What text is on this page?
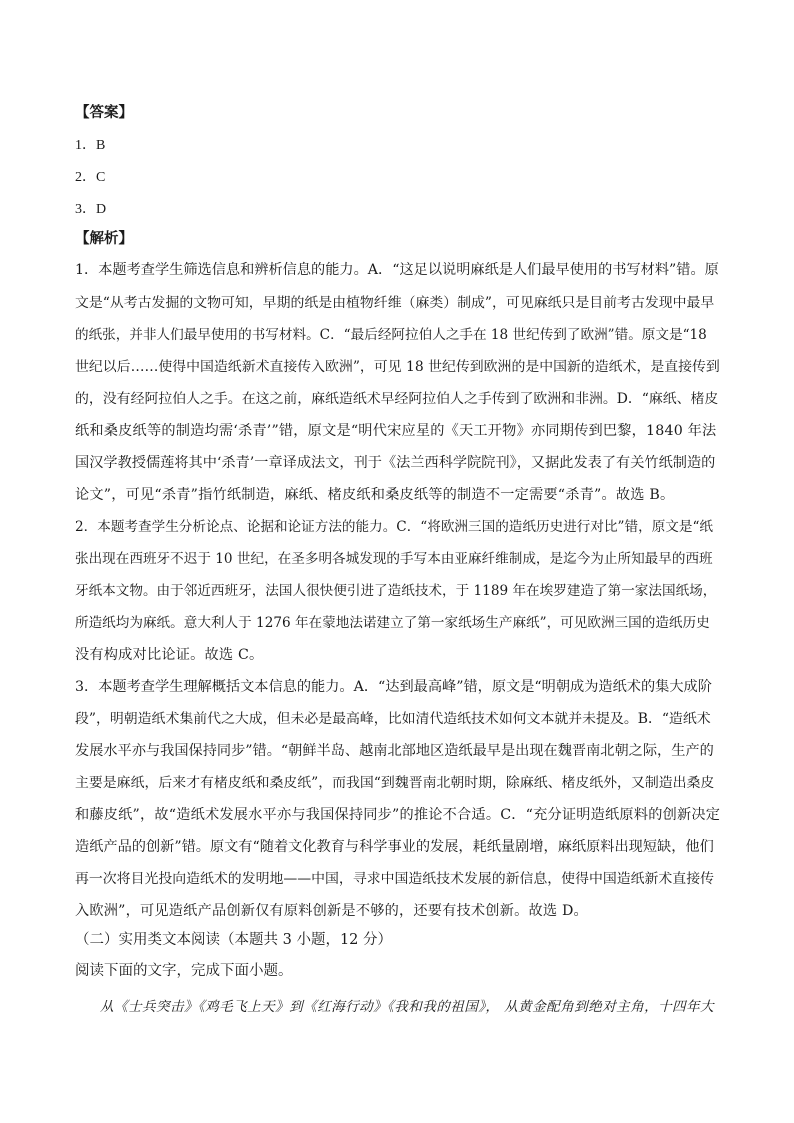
【答案】
1．B
2．C
3．D
【解析】
1．本题考查学生筛选信息和辨析信息的能力。A．“这足以说明麻纸是人们最早使用的书写材料”错。原
文是“从考古发掘的文物可知，早期的纸是由植物纤维（麻类）制成”，可见麻纸只是目前考古发现中最早
的纸张，并非人们最早使用的书写材料。C．“最后经阿拉伯人之手在 18 世纪传到了欧洲”错。原文是“18
世纪以后……使得中国造纸新术直接传入欧洲”，可见 18 世纪传到欧洲的是中国新的造纸术，是直接传到
的，没有经阿拉伯人之手。在这之前，麻纸造纸术早经阿拉伯人之手传到了欧洲和非洲。D．“麻纸、楮皮
纸和桑皮纸等的制造均需‘杀青’”错，原文是“明代宋应星的《天工开物》亦同期传到巴黎，1840 年法
国汉学教授儒莲将其中‘杀青’一章译成法文，刊于《法兰西科学院院刊》，又据此发表了有关竹纸制造的
论文”，可见“杀青”指竹纸制造，麻纸、楮皮纸和桑皮纸等的制造不一定需要“杀青”。故选 B。
2．本题考查学生分析论点、论据和论证方法的能力。C．“将欧洲三国的造纸历史进行对比”错，原文是“纸
张出现在西班牙不迟于 10 世纪，在圣多明各城发现的手写本由亚麻纤维制成，是迄今为止所知最早的西班
牙纸本文物。由于邻近西班牙，法国人很快便引进了造纸技术，于 1189 年在埃罗建造了第一家法国纸场，
所造纸均为麻纸。意大利人于 1276 年在蒙地法诺建立了第一家纸场生产麻纸”，可见欧洲三国的造纸历史
没有构成对比论证。故选 C。
3．本题考查学生理解概括文本信息的能力。A．“达到最高峰”错，原文是“明朝成为造纸术的集大成阶
段”，明朝造纸术集前代之大成，但未必是最高峰，比如清代造纸技术如何文本就并未提及。B．“造纸术
发展水平亦与我国保持同步”错。“朝鲜半岛、越南北部地区造纸最早是出现在魏晋南北朝之际，生产的
主要是麻纸，后来才有楮皮纸和桑皮纸”，而我国“到魏晋南北朝时期，除麻纸、楮皮纸外，又制造出桑皮
和藤皮纸”，故“造纸术发展水平亦与我国保持同步”的推论不合适。C．“充分证明造纸原料的创新决定
造纸产品的创新”错。原文有“随着文化教育与科学事业的发展，耗纸量剧增，麻纸原料出现短缺，他们
再一次将目光投向造纸术的发明地——中国，寻求中国造纸技术发展的新信息，使得中国造纸新术直接传
入欧洲”，可见造纸产品创新仅有原料创新是不够的，还要有技术创新。故选 D。
（二）实用类文本阅读（本题共 3 小题，12 分）
阅读下面的文字，完成下面小题。
从《士兵突击》《鸡毛飞上天》到《红海行动》《我和我的祖国》， 从黄金配角到绝对主角，十四年大
